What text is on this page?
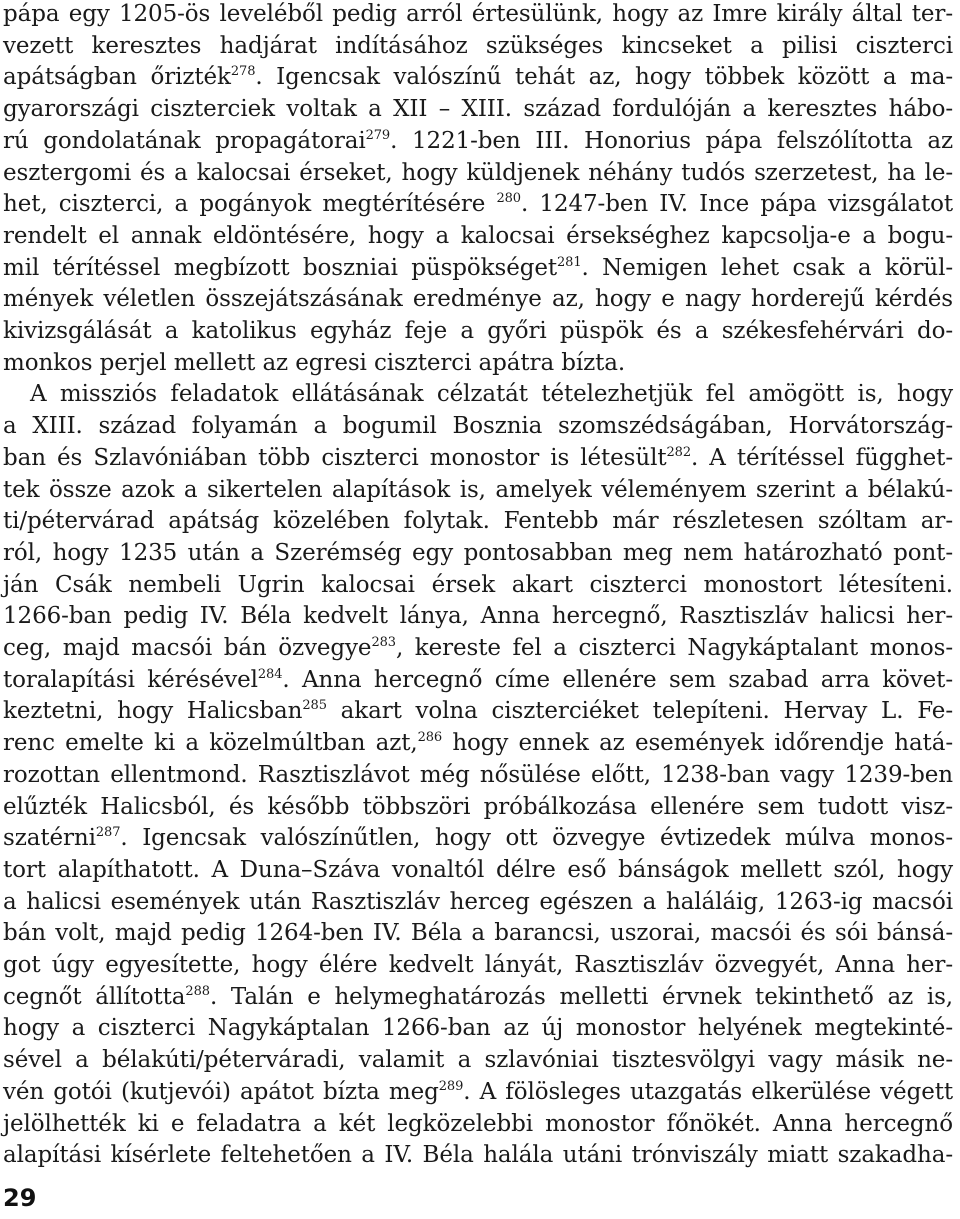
pápa egy 1205-ös leveléből pedig arról értesülünk, hogy az Imre király által ter-
vezett keresztes hadjárat indításához szükséges kincseket a pilisi ciszterci
apátságban őrizték$^{278}$. Igencsak valószínű tehát az, hogy többek között a ma-
gyarországi ciszterciek voltak a XII – XIII. század fordulóján a keresztes hábo-
rú gondolatának propagátorai$^{279}$. 1221-ben III. Honorius pápa felszólította az
esztergomi és a kalocsai érseket, hogy küldjenek néhány tudós szerzetest, ha le-
het, ciszterci, a pogányok megtérítésére $^{280}$. 1247-ben IV. Ince pápa vizsgálatot
rendelt el annak eldöntésére, hogy a kalocsai érsekséghez kapcsolja-e a bogu-
mil térítéssel megbízott boszniai püspökséget$^{281}$. Nemigen lehet csak a körül-
mények véletlen összejátszásának eredménye az, hogy e nagy horderejű kérdés
kivizsgálását a katolikus egyház feje a győri püspök és a székesfehérvári do-
monkos perjel mellett az egresi ciszterci apátra bízta.
A missziós feladatok ellátásának célzatát tételezhetjük fel amögött is, hogy
a XIII. század folyamán a bogumil Bosznia szomszédságában, Horvátország-
ban és Szlavóniában több ciszterci monostor is létesült$^{282}$. A térítéssel függhet-
tek össze azok a sikertelen alapítások is, amelyek véleményem szerint a bélakú-
ti/pétervárad apátság közelében folytak. Fentebb már részletesen szóltam ar-
ról, hogy 1235 után a Szerémség egy pontosabban meg nem határozható pont-
ján Csák nembeli Ugrin kalocsai érsek akart ciszterci monostort létesíteni.
1266-ban pedig IV. Béla kedvelt lánya, Anna hercegnő, Rasztiszláv halicsi her-
ceg, majd macsói bán özvegye$^{283}$, kereste fel a ciszterci Nagykáptalant monos-
toralapítási kérésével$^{284}$. Anna hercegnő címe ellenére sem szabad arra követ-
keztetni, hogy Halicsban$^{285}$ akart volna ciszterciéket telepíteni. Hervay L. Fe-
renc emelte ki a közelmúltban azt,$^{286}$ hogy ennek az események időrendje hatá-
rozottan ellentmond. Rasztiszlávot még nősülése előtt, 1238-ban vagy 1239-ben
elűzték Halicsból, és később többszöri próbálkozása ellenére sem tudott visz-
szatérni$^{287}$. Igencsak valószínűtlen, hogy ott özvegye évtizedek múlva monos-
tort alapíthatott. A Duna–Száva vonaltól délre eső bánságok mellett szól, hogy
a halicsi események után Rasztiszláv herceg egészen a haláláig, 1263-ig macsói
bán volt, majd pedig 1264-ben IV. Béla a barancsi, uszorai, macsói és sói bánsá-
got úgy egyesítette, hogy élére kedvelt lányát, Rasztiszláv özvegyét, Anna her-
cegnőt állította$^{288}$. Talán e helymeghatározás melletti érvnek tekinthető az is,
hogy a ciszterci Nagykáptalan 1266-ban az új monostor helyének megtekinté-
sével a bélakúti/péterváradi, valamit a szlavóniai tisztesvölgyi vagy másik ne-
vén gotói (kutjevói) apátot bízta meg$^{289}$. A fölösleges utazgatás elkerülése végett
jelölhették ki e feladatra a két legközelebbi monostor főnökét. Anna hercegnő
alapítási kísérlete feltehetően a IV. Béla halála utáni trónviszály miatt szakadha-
29
